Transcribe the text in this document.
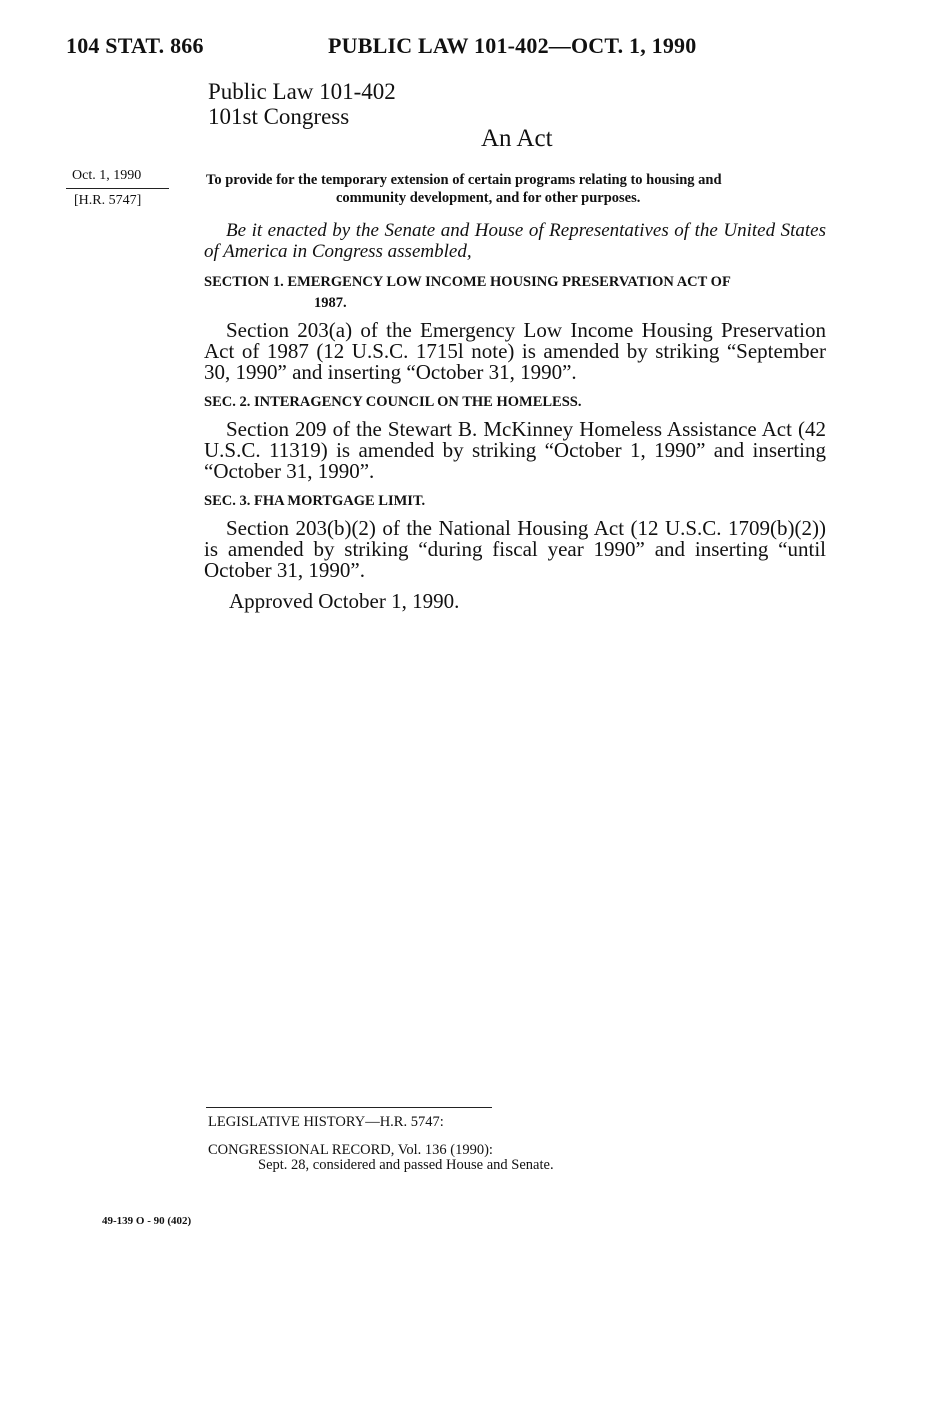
104 STAT. 866	PUBLIC LAW 101-402—OCT. 1, 1990
Public Law 101-402
101st Congress
An Act
Oct. 1, 1990
[H.R. 5747]
To provide for the temporary extension of certain programs relating to housing and
community development, and for other purposes.
Be it enacted by the Senate and House of Representatives of the United States of America in Congress assembled,
SECTION 1. EMERGENCY LOW INCOME HOUSING PRESERVATION ACT OF
1987.
Section 203(a) of the Emergency Low Income Housing Preservation Act of 1987 (12 U.S.C. 1715l note) is amended by striking “September 30, 1990” and inserting “October 31, 1990”.
SEC. 2. INTERAGENCY COUNCIL ON THE HOMELESS.
Section 209 of the Stewart B. McKinney Homeless Assistance Act (42 U.S.C. 11319) is amended by striking “October 1, 1990” and inserting “October 31, 1990”.
SEC. 3. FHA MORTGAGE LIMIT.
Section 203(b)(2) of the National Housing Act (12 U.S.C. 1709(b)(2)) is amended by striking “during fiscal year 1990” and inserting “until October 31, 1990”.
Approved October 1, 1990.
LEGISLATIVE HISTORY—H.R. 5747:
CONGRESSIONAL RECORD, Vol. 136 (1990):
Sept. 28, considered and passed House and Senate.
49-139 O - 90 (402)
